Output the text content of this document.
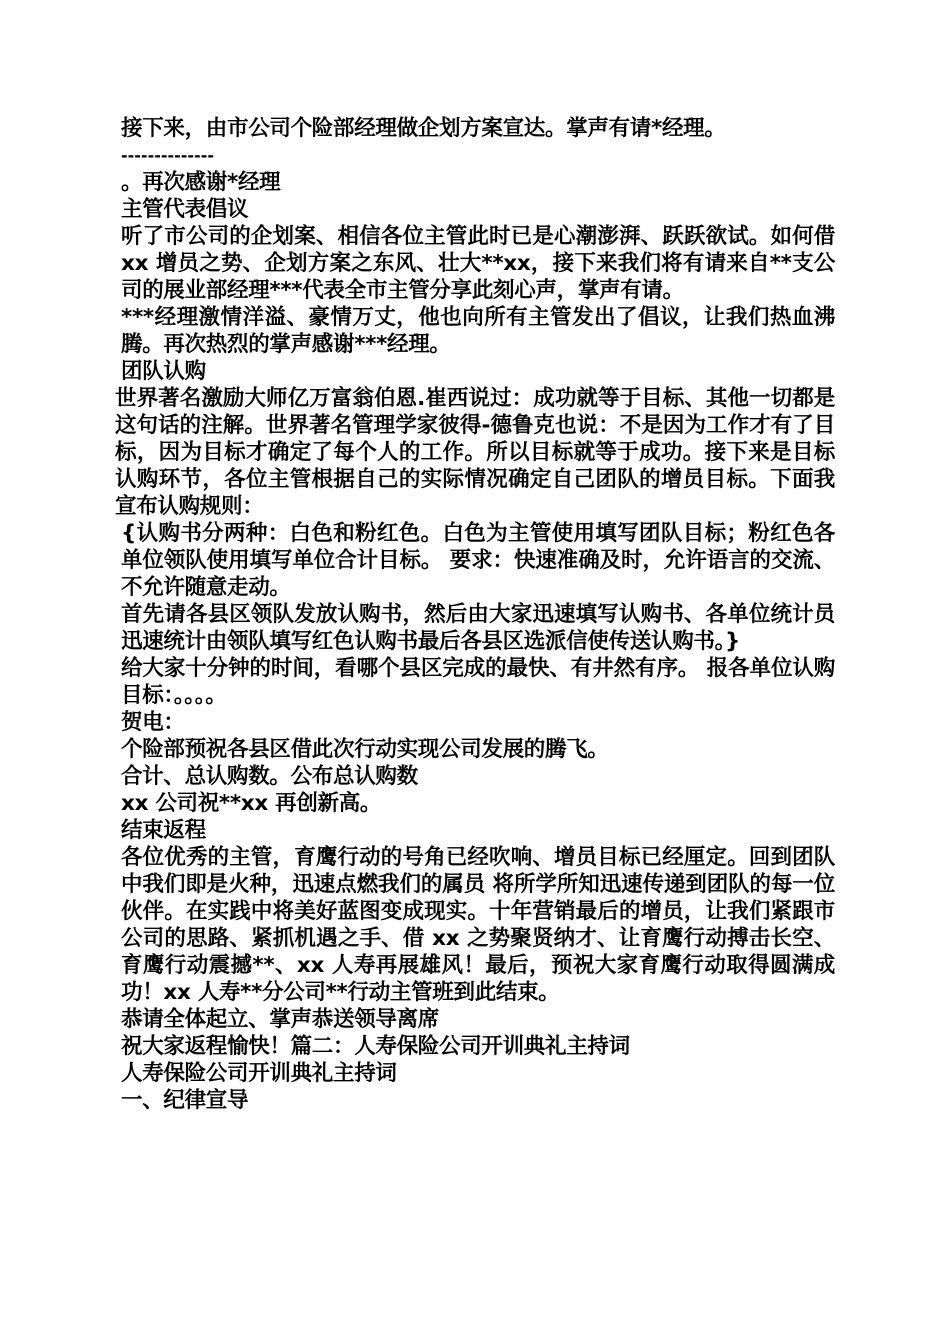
接下来，由市公司个险部经理做企划方案宣达。掌声有请*经理。

--------------

。再次感谢*经理

主管代表倡议

听了市公司的企划案、相信各位主管此时已是心潮澎湃、跃跃欲试。如何借 xx 增员之势、企划方案之东风、壮大**xx，接下来我们将有请来自**支公司的展业部经理***代表全市主管分享此刻心声，掌声有请。

***经理激情洋溢、豪情万丈，他也向所有主管发出了倡议，让我们热血沸腾。再次热烈的掌声感谢***经理。

团队认购

世界著名激励大师亿万富翁伯恩.崔西说过：成功就等于目标、其他一切都是这句话的注解。世界著名管理学家彼得-德鲁克也说：不是因为工作才有了目标，因为目标才确定了每个人的工作。所以目标就等于成功。接下来是目标认购环节，各位主管根据自己的实际情况确定自己团队的增员目标。下面我宣布认购规则：

{认购书分两种：白色和粉红色。白色为主管使用填写团队目标；粉红色各单位领队使用填写单位合计目标。 要求：快速准确及时，允许语言的交流、不允许随意走动。

首先请各县区领队发放认购书，然后由大家迅速填写认购书、各单位统计员迅速统计由领队填写红色认购书最后各县区选派信使传送认购书。}

给大家十分钟的时间，看哪个县区完成的最快、有井然有序。 报各单位认购目标：。。。。

贺电：

个险部预祝各县区借此次行动实现公司发展的腾飞。

合计、总认购数。公布总认购数

xx 公司祝**xx 再创新高。

结束返程

各位优秀的主管，育鹰行动的号角已经吹响、增员目标已经厘定。回到团队中我们即是火种，迅速点燃我们的属员 将所学所知迅速传递到团队的每一位伙伴。在实践中将美好蓝图变成现实。十年营销最后的增员，让我们紧跟市公司的思路、紧抓机遇之手、借 xx 之势聚贤纳才、让育鹰行动搏击长空、育鹰行动震撼**、xx 人寿再展雄风！最后，预祝大家育鹰行动取得圆满成功！xx 人寿**分公司**行动主管班到此结束。

恭请全体起立、掌声恭送领导离席

祝大家返程愉快！篇二：人寿保险公司开训典礼主持词

人寿保险公司开训典礼主持词

一、纪律宣导
